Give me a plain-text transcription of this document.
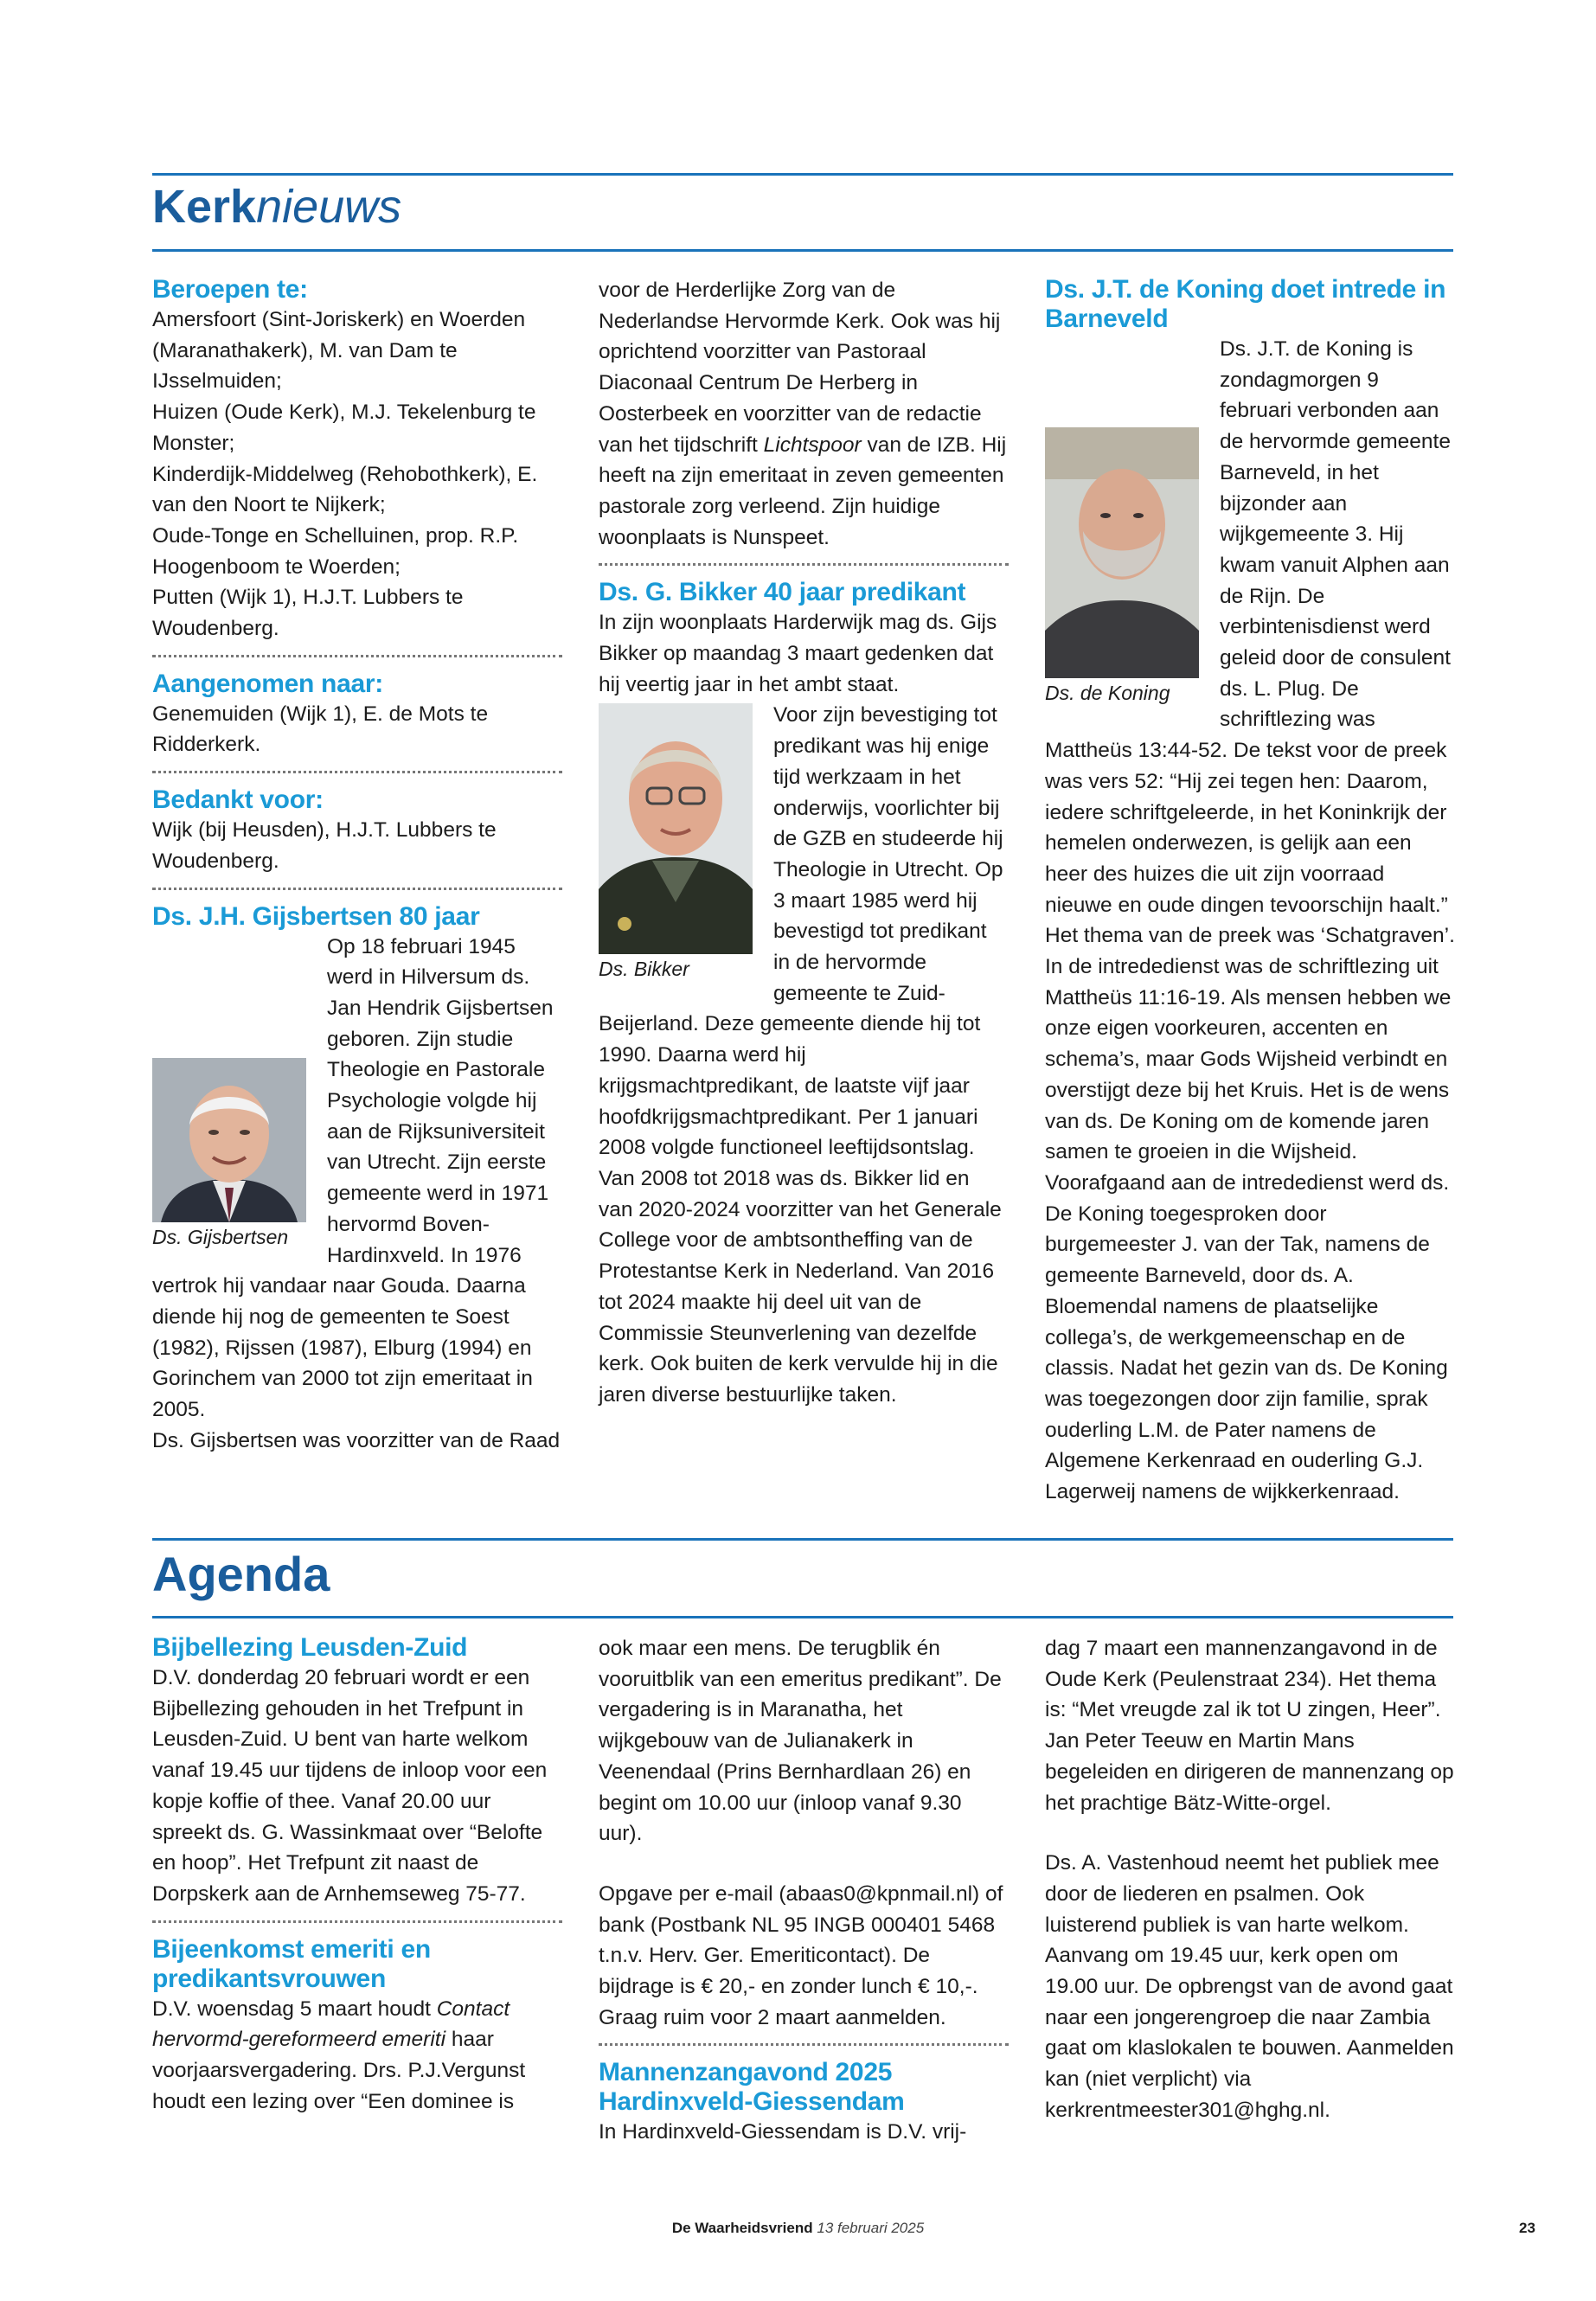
Kerknieuws
Beroepen te:

Amersfoort (Sint-Joriskerk) en Woerden (Maranathakerk), M. van Dam te IJsselmuiden;

Huizen (Oude Kerk), M.J. Tekelenburg te Monster;

Kinderdijk-Middelweg (Rehobothkerk), E. van den Noort te Nijkerk;

Oude-Tonge en Schelluinen, prop. R.P. Hoogenboom te Woerden;

Putten (Wijk 1), H.J.T. Lubbers te Woudenberg.

Aangenomen naar:

Genemuiden (Wijk 1), E. de Mots te Ridderkerk.

Bedankt voor:

Wijk (bij Heusden), H.J.T. Lubbers te Woudenberg.

Ds. J.H. Gijsbertsen 80 jaar
Ds. Gijsbertsen

Op 18 februari 1945 werd in Hilversum ds. Jan Hendrik Gijsbertsen geboren. Zijn studie Theologie en Pastorale Psychologie volgde hij aan de Rijksuniversiteit van Utrecht. Zijn eerste gemeente werd in 1971 hervormd Boven-Hardinxveld. In 1976 vertrok hij vandaar naar Gouda. Daarna diende hij nog de gemeenten te Soest (1982), Rijssen (1987), Elburg (1994) en Gorinchem van 2000 tot zijn emeritaat in 2005.

Ds. Gijsbertsen was voorzitter van de Raad

voor de Herderlijke Zorg van de Nederlandse Hervormde Kerk. Ook was hij oprichtend voorzitter van Pastoraal Diaconaal Centrum De Herberg in Oosterbeek en voorzitter van de redactie van het tijdschrift Lichtspoor van de IZB. Hij heeft na zijn emeritaat in zeven gemeenten pastorale zorg verleend. Zijn huidige woonplaats is Nunspeet.

Ds. G. Bikker 40 jaar predikant

In zijn woonplaats Harderwijk mag ds. Gijs Bikker op maandag 3 maart gedenken dat hij veertig jaar in het ambt staat.

Ds. Bikker

Voor zijn bevestiging tot predikant was hij enige tijd werkzaam in het onderwijs, voorlichter bij de GZB en studeerde hij Theologie in Utrecht. Op 3 maart 1985 werd hij bevestigd tot predikant in de hervormde gemeente te Zuid-Beijerland. Deze gemeente diende hij tot 1990. Daarna werd hij krijgsmachtpredikant, de laatste vijf jaar hoofdkrijgsmachtpredikant. Per 1 januari 2008 volgde functioneel leeftijdsontslag.

Van 2008 tot 2018 was ds. Bikker lid en van 2020-2024 voorzitter van het Generale College voor de ambtsontheffing van de Protestantse Kerk in Nederland. Van 2016 tot 2024 maakte hij deel uit van de Commissie Steunverlening van dezelfde kerk. Ook buiten de kerk vervulde hij in die jaren diverse bestuurlijke taken.

Ds. J.T. de Koning doet intrede in Barneveld
Ds. de Koning

Ds. J.T. de Koning is zondagmorgen 9 februari verbonden aan de hervormde gemeente Barneveld, in het bijzonder aan wijkgemeente 3. Hij kwam vanuit Alphen aan de Rijn. De verbintenisdienst werd geleid door de consulent ds. L. Plug. De schriftlezing was Mattheüs 13:44-52. De tekst voor de preek was vers 52: “Hij zei tegen hen: Daarom, iedere schriftgeleerde, in het Koninkrijk der hemelen onderwezen, is gelijk aan een heer des huizes die uit zijn voorraad nieuwe en oude dingen tevoorschijn haalt.” Het thema van de preek was ‘Schatgraven’.

In de intrededienst was de schriftlezing uit Mattheüs 11:16-19. Als mensen hebben we onze eigen voorkeuren, accenten en schema’s, maar Gods Wijsheid verbindt en overstijgt deze bij het Kruis. Het is de wens van ds. De Koning om de komende jaren samen te groeien in die Wijsheid.

Voorafgaand aan de intrededienst werd ds. De Koning toegesproken door burgemeester J. van der Tak, namens de gemeente Barneveld, door ds. A. Bloemendal namens de plaatselijke collega’s, de werkgemeenschap en de classis. Nadat het gezin van ds. De Koning was toegezongen door zijn familie, sprak ouderling L.M. de Pater namens de Algemene Kerkenraad en ouderling G.J. Lagerweij namens de wijkkerkenraad.

Agenda
Bijbellezing Leusden-Zuid

D.V. donderdag 20 februari wordt er een Bijbellezing gehouden in het Trefpunt in Leusden-Zuid. U bent van harte welkom vanaf 19.45 uur tijdens de inloop voor een kopje koffie of thee. Vanaf 20.00 uur spreekt ds. G. Wassinkmaat over “Belofte en hoop”. Het Trefpunt zit naast de Dorpskerk aan de Arnhemseweg 75-77.

Bijeenkomst emeriti en predikantsvrouwen

D.V. woensdag 5 maart houdt Contact hervormd-gereformeerd emeriti haar voorjaarsvergadering. Drs. P.J.Vergunst houdt een lezing over “Een dominee is

ook maar een mens. De terugblik én vooruitblik van een emeritus predikant”. De vergadering is in Maranatha, het wijkgebouw van de Julianakerk in Veenendaal (Prins Bernhardlaan 26) en begint om 10.00 uur (inloop vanaf 9.30 uur).

Opgave per e-mail (abaas0@kpnmail.nl) of bank (Postbank NL 95 INGB 000401 5468 t.n.v. Herv. Ger. Emeriticontact). De bijdrage is € 20,- en zonder lunch € 10,-. Graag ruim voor 2 maart aanmelden.

Mannenzangavond 2025 Hardinxveld-Giessendam

In Hardinxveld-Giessendam is D.V. vrij-

dag 7 maart een mannenzangavond in de Oude Kerk (Peulenstraat 234). Het thema is: “Met vreugde zal ik tot U zingen, Heer”. Jan Peter Teeuw en Martin Mans begeleiden en dirigeren de mannenzang op het prachtige Bätz-Witte-orgel.

Ds. A. Vastenhoud neemt het publiek mee door de liederen en psalmen. Ook luisterend publiek is van harte welkom. Aanvang om 19.45 uur, kerk open om 19.00 uur. De opbrengst van de avond gaat naar een jongerengroep die naar Zambia gaat om klaslokalen te bouwen. Aanmelden kan (niet verplicht) via kerkrentmeester301@hghg.nl.

De Waarheidsvriend 13 februari 2025	23
